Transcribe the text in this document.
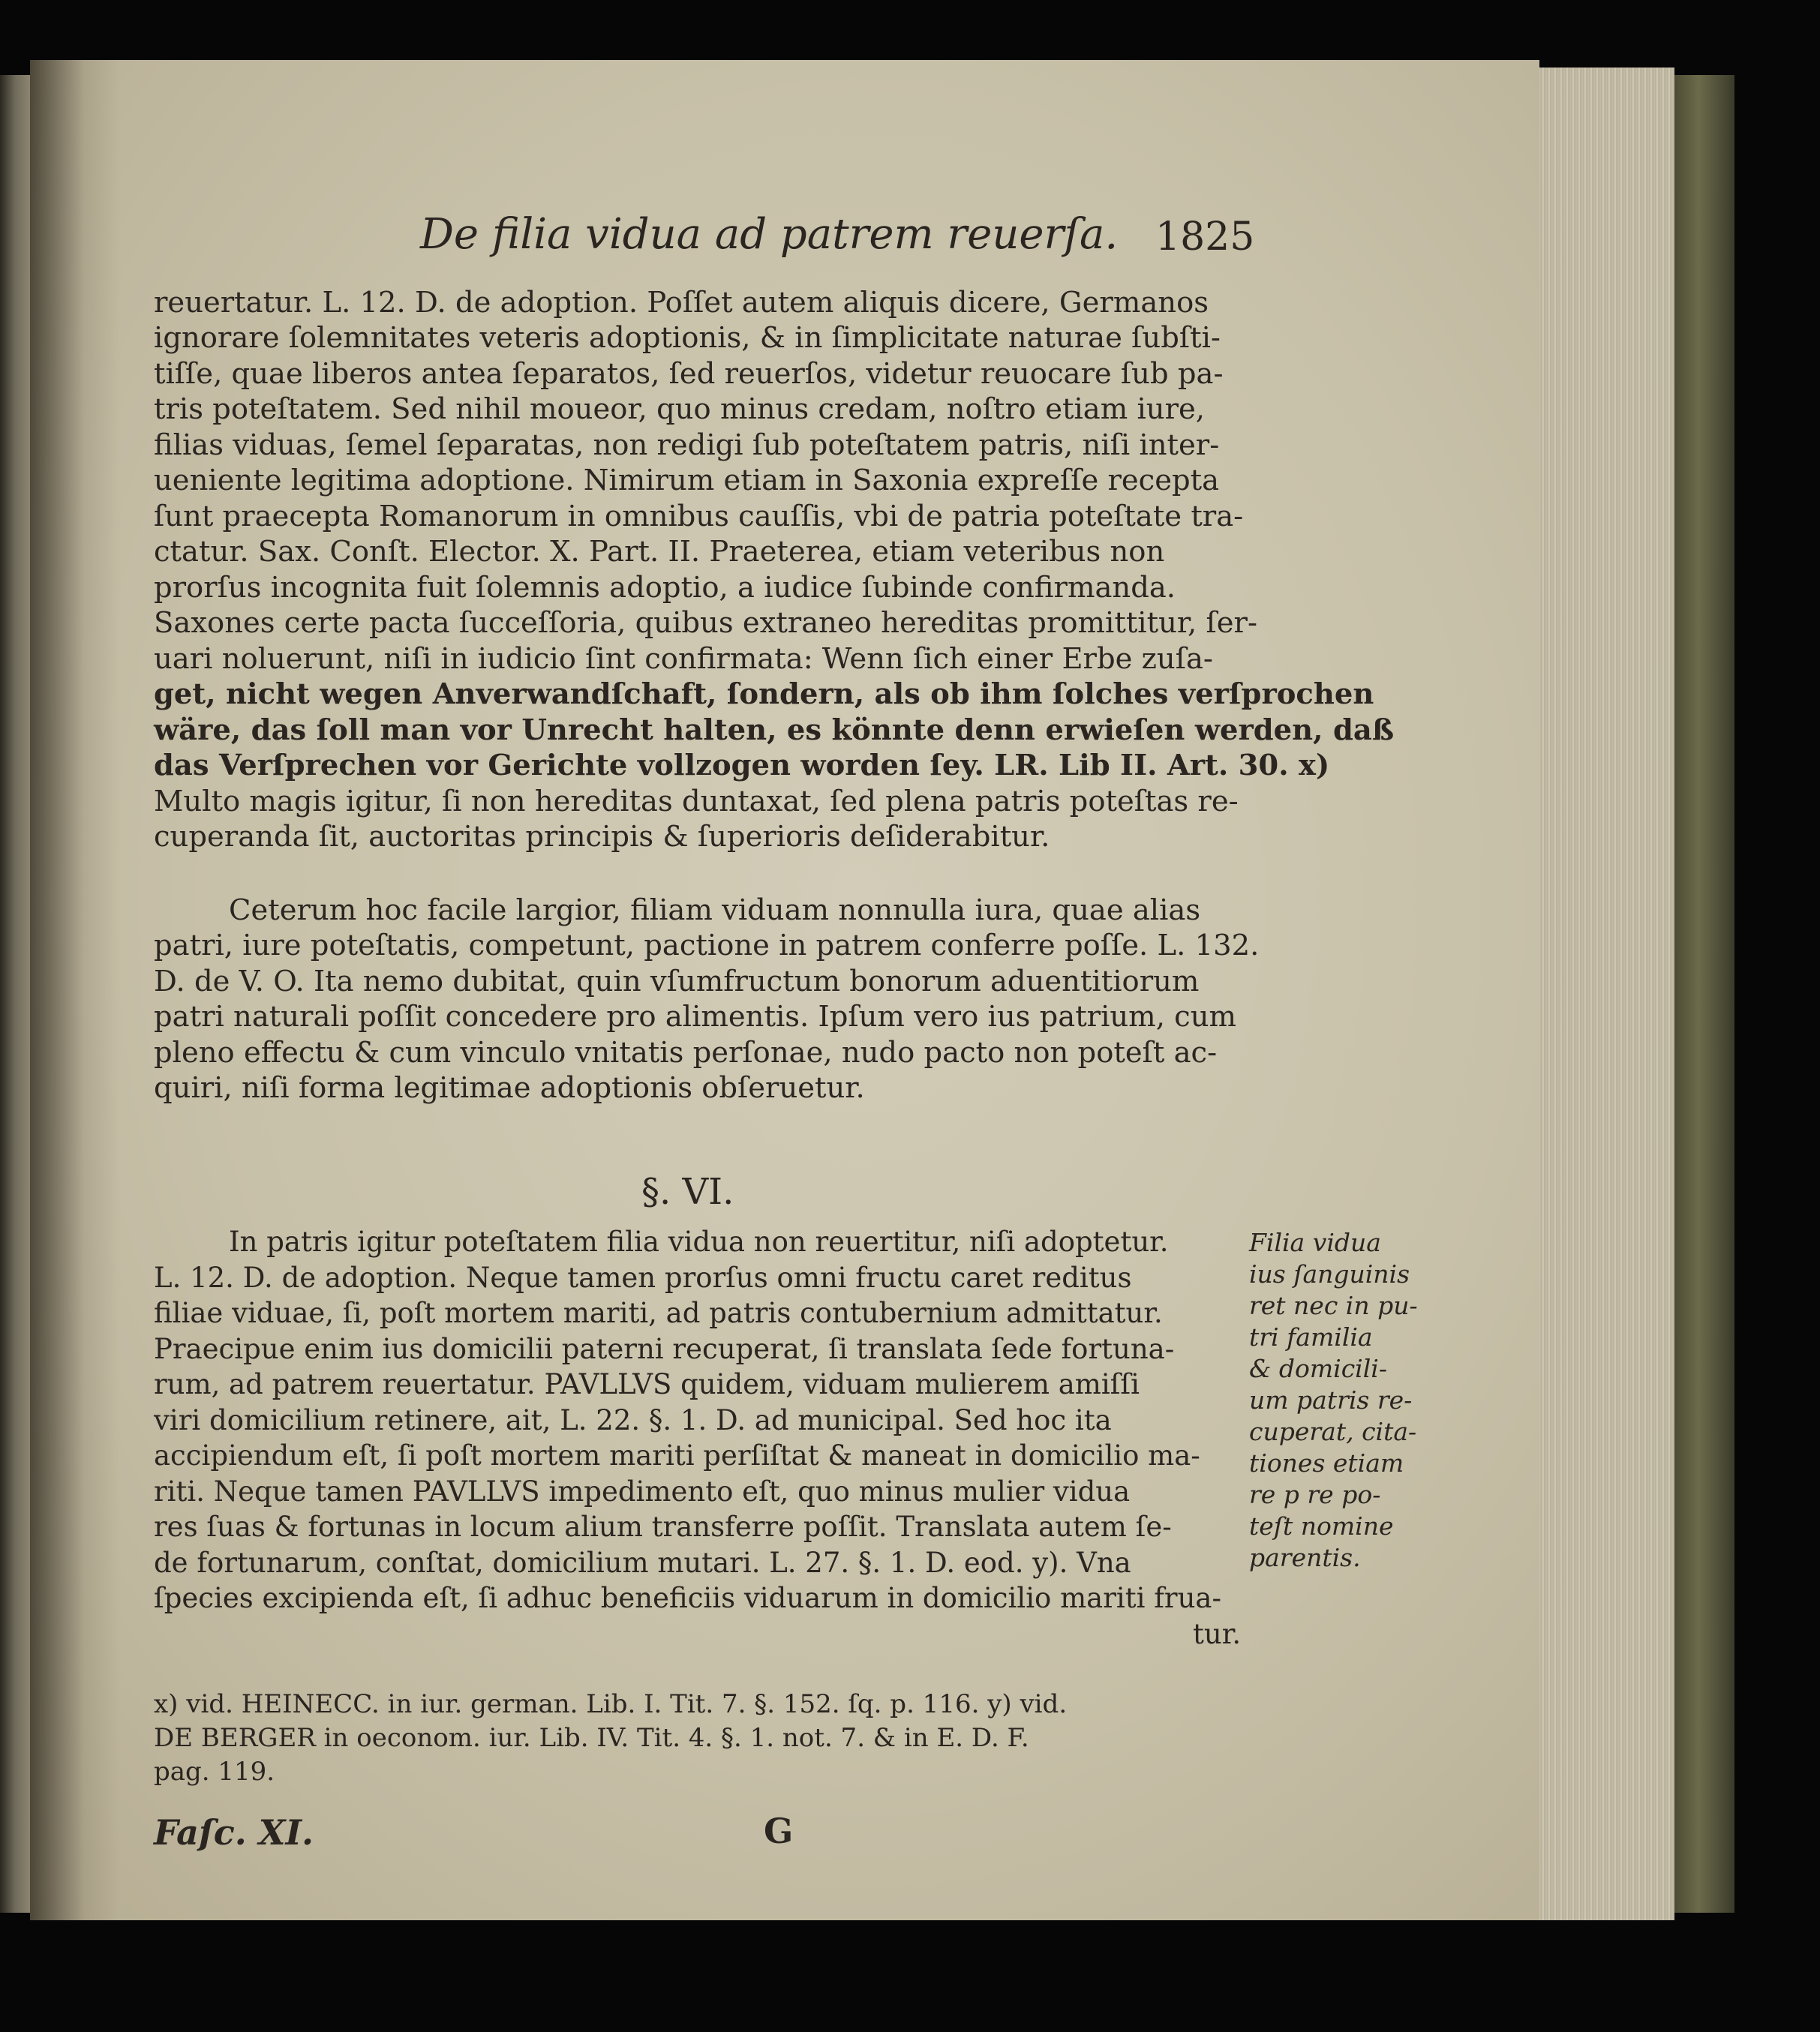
De filia vidua ad patrem reuerſa. 1825
reuertatur. L. 12. D. de adoption. Poſſet autem aliquis dicere, Germanos
ignorare ſolemnitates veteris adoptionis, & in ſimplicitate naturae ſubſti-
tiſſe, quae liberos antea ſeparatos, ſed reuerſos, videtur reuocare ſub pa-
tris poteſtatem. Sed nihil moueor, quo minus credam, noſtro etiam iure,
filias viduas, ſemel ſeparatas, non redigi ſub poteſtatem patris, niſi inter-
ueniente legitima adoptione. Nimirum etiam in Saxonia expreſſe recepta
ſunt praecepta Romanorum in omnibus cauſſis, vbi de patria poteſtate tra-
ctatur. Sax. Conſt. Elector. X. Part. II. Praeterea, etiam veteribus non
prorſus incognita fuit ſolemnis adoptio, a iudice ſubinde confirmanda.
Saxones certe pacta ſucceſſoria, quibus extraneo hereditas promittitur, ſer-
uari noluerunt, niſi in iudicio ſint confirmata: Wenn ſich einer Erbe zuſa-
get, nicht wegen Anverwandſchaft, ſondern, als ob ihm ſolches verſprochen
wäre, das ſoll man vor Unrecht halten, es könnte denn erwieſen werden, daß
das Verſprechen vor Gerichte vollzogen worden ſey. LR. Lib II. Art. 30. x)
Multo magis igitur, ſi non hereditas duntaxat, ſed plena patris poteſtas re-
cuperanda ſit, auctoritas principis & ſuperioris deſiderabitur.
Ceterum hoc facile largior, filiam viduam nonnulla iura, quae alias
patri, iure poteſtatis, competunt, pactione in patrem conferre poſſe. L. 132.
D. de V. O. Ita nemo dubitat, quin vſumfructum bonorum aduentitiorum
patri naturali poſſit concedere pro alimentis. Ipſum vero ius patrium, cum
pleno effectu & cum vinculo vnitatis perſonae, nudo pacto non poteſt ac-
quiri, niſi forma legitimae adoptionis obſeruetur.
§. VI.
In patris igitur poteſtatem filia vidua non reuertitur, niſi adoptetur.
L. 12. D. de adoption. Neque tamen prorſus omni fructu caret reditus
filiae viduae, ſi, poſt mortem mariti, ad patris contubernium admittatur.
Praecipue enim ius domicilii paterni recuperat, ſi translata ſede fortuna-
rum, ad patrem reuertatur. PAVLLVS quidem, viduam mulierem amiſſi
viri domicilium retinere, ait, L. 22. §. 1. D. ad municipal. Sed hoc ita
accipiendum eſt, ſi poſt mortem mariti perſiſtat & maneat in domicilio ma-
riti. Neque tamen PAVLLVS impedimento eſt, quo minus mulier vidua
res ſuas & fortunas in locum alium transferre poſſit. Translata autem ſe-
de fortunarum, conſtat, domicilium mutari. L. 27. §. 1. D. eod. y). Vna
ſpecies excipienda eſt, ſi adhuc beneficiis viduarum in domicilio mariti frua-
tur.
Filia vidua
ius ſanguinis
ret nec in pu-
tri familia
& domicili-
um patris re-
cuperat, cita-
tiones etiam
re p re po-
teſt nomine
parentis.
x) vid. HEINECC. in iur. german. Lib. I. Tit. 7. §. 152. ſq. p. 116. y) vid.
DE BERGER in oeconom. iur. Lib. IV. Tit. 4. §. 1. not. 7. & in E. D. F.
pag. 119.
Faſc. XI.	G
